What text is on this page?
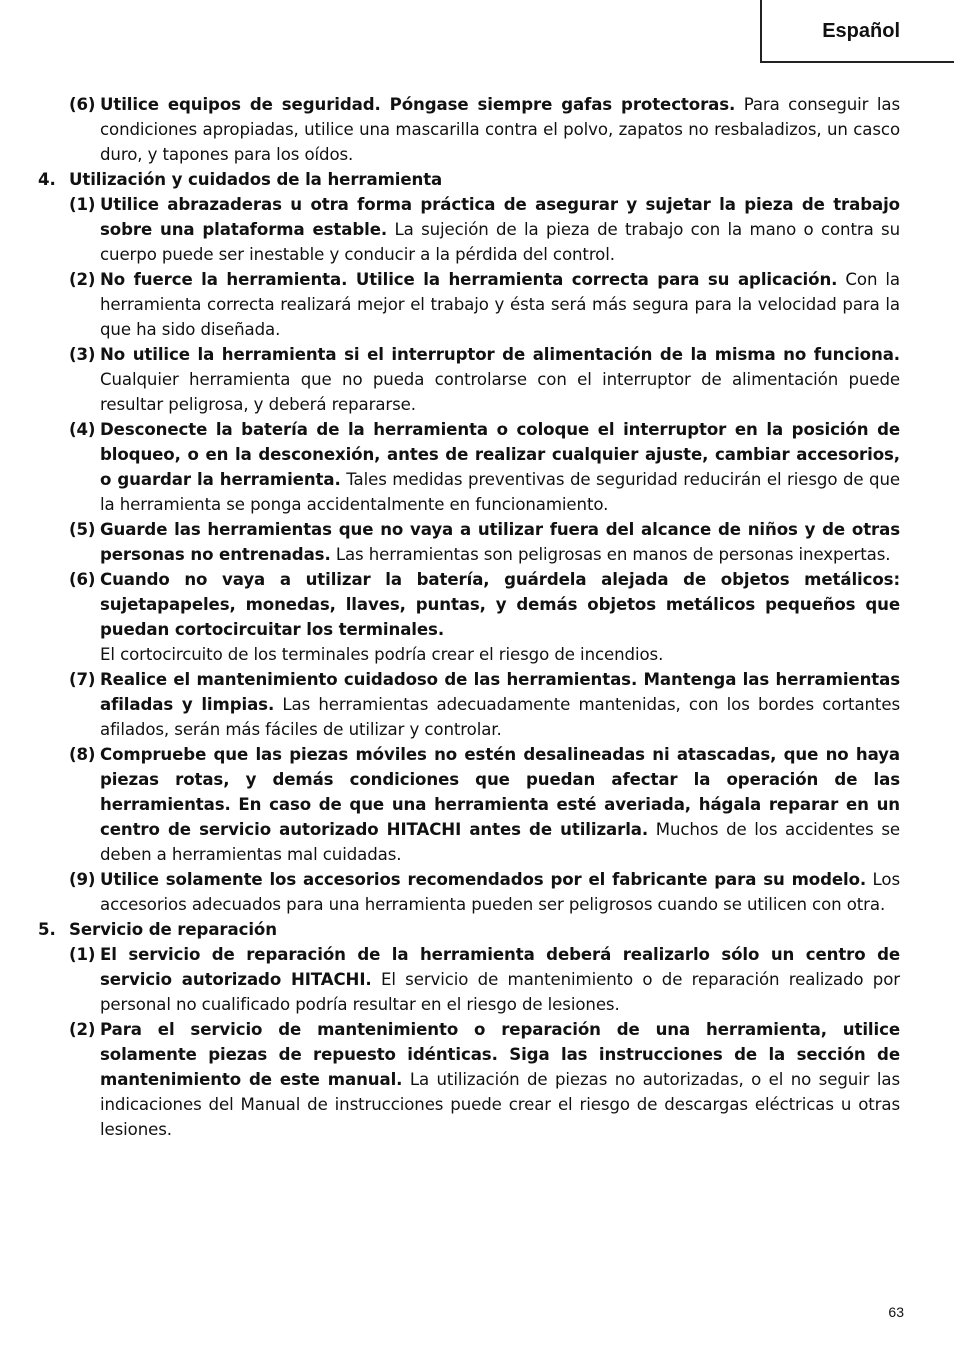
Español
(6) Utilice equipos de seguridad. Póngase siempre gafas protectoras. Para conseguir las condiciones apropiadas, utilice una mascarilla contra el polvo, zapatos no resbaladizos, un casco duro, y tapones para los oídos.
4. Utilización y cuidados de la herramienta
(1) Utilice abrazaderas u otra forma práctica de asegurar y sujetar la pieza de trabajo sobre una plataforma estable. La sujeción de la pieza de trabajo con la mano o contra su cuerpo puede ser inestable y conducir a la pérdida del control.
(2) No fuerce la herramienta. Utilice la herramienta correcta para su aplicación. Con la herramienta correcta realizará mejor el trabajo y ésta será más segura para la velocidad para la que ha sido diseñada.
(3) No utilice la herramienta si el interruptor de alimentación de la misma no funciona. Cualquier herramienta que no pueda controlarse con el interruptor de alimentación puede resultar peligrosa, y deberá repararse.
(4) Desconecte la batería de la herramienta o coloque el interruptor en la posición de bloqueo, o en la desconexión, antes de realizar cualquier ajuste, cambiar accesorios, o guardar la herramienta. Tales medidas preventivas de seguridad reducirán el riesgo de que la herramienta se ponga accidentalmente en funcionamiento.
(5) Guarde las herramientas que no vaya a utilizar fuera del alcance de niños y de otras personas no entrenadas. Las herramientas son peligrosas en manos de personas inexpertas.
(6) Cuando no vaya a utilizar la batería, guárdela alejada de objetos metálicos: sujetapapeles, monedas, llaves, puntas, y demás objetos metálicos pequeños que puedan cortocircuitar los terminales.
El cortocircuito de los terminales podría crear el riesgo de incendios.
(7) Realice el mantenimiento cuidadoso de las herramientas. Mantenga las herramientas afiladas y limpias. Las herramientas adecuadamente mantenidas, con los bordes cortantes afilados, serán más fáciles de utilizar y controlar.
(8) Compruebe que las piezas móviles no estén desalineadas ni atascadas, que no haya piezas rotas, y demás condiciones que puedan afectar la operación de las herramientas. En caso de que una herramienta esté averiada, hágala reparar en un centro de servicio autorizado HITACHI antes de utilizarla. Muchos de los accidentes se deben a herramientas mal cuidadas.
(9) Utilice solamente los accesorios recomendados por el fabricante para su modelo. Los accesorios adecuados para una herramienta pueden ser peligrosos cuando se utilicen con otra.
5. Servicio de reparación
(1) El servicio de reparación de la herramienta deberá realizarlo sólo un centro de servicio autorizado HITACHI. El servicio de mantenimiento o de reparación realizado por personal no cualificado podría resultar en el riesgo de lesiones.
(2) Para el servicio de mantenimiento o reparación de una herramienta, utilice solamente piezas de repuesto idénticas. Siga las instrucciones de la sección de mantenimiento de este manual. La utilización de piezas no autorizadas, o el no seguir las indicaciones del Manual de instrucciones puede crear el riesgo de descargas eléctricas u otras lesiones.
63
